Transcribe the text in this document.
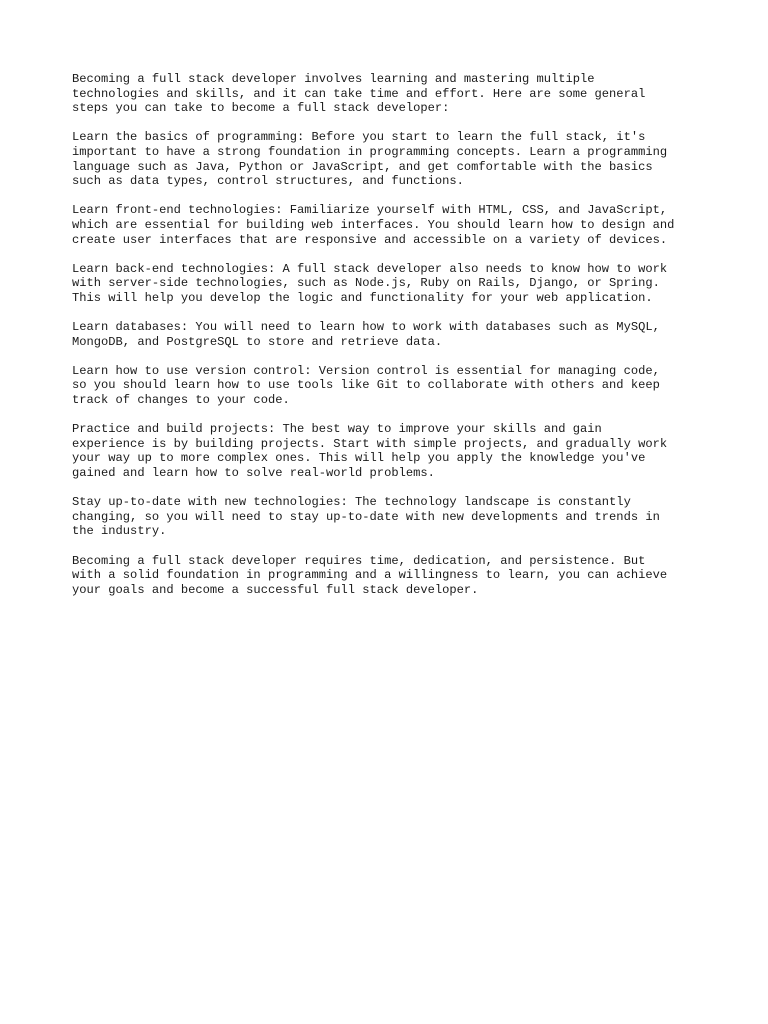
Becoming a full stack developer involves learning and mastering multiple
technologies and skills, and it can take time and effort. Here are some general
steps you can take to become a full stack developer:

Learn the basics of programming: Before you start to learn the full stack, it's
important to have a strong foundation in programming concepts. Learn a programming
language such as Java, Python or JavaScript, and get comfortable with the basics
such as data types, control structures, and functions.

Learn front-end technologies: Familiarize yourself with HTML, CSS, and JavaScript,
which are essential for building web interfaces. You should learn how to design and
create user interfaces that are responsive and accessible on a variety of devices.

Learn back-end technologies: A full stack developer also needs to know how to work
with server-side technologies, such as Node.js, Ruby on Rails, Django, or Spring.
This will help you develop the logic and functionality for your web application.

Learn databases: You will need to learn how to work with databases such as MySQL,
MongoDB, and PostgreSQL to store and retrieve data.

Learn how to use version control: Version control is essential for managing code,
so you should learn how to use tools like Git to collaborate with others and keep
track of changes to your code.

Practice and build projects: The best way to improve your skills and gain
experience is by building projects. Start with simple projects, and gradually work
your way up to more complex ones. This will help you apply the knowledge you've
gained and learn how to solve real-world problems.

Stay up-to-date with new technologies: The technology landscape is constantly
changing, so you will need to stay up-to-date with new developments and trends in
the industry.

Becoming a full stack developer requires time, dedication, and persistence. But
with a solid foundation in programming and a willingness to learn, you can achieve
your goals and become a successful full stack developer.
